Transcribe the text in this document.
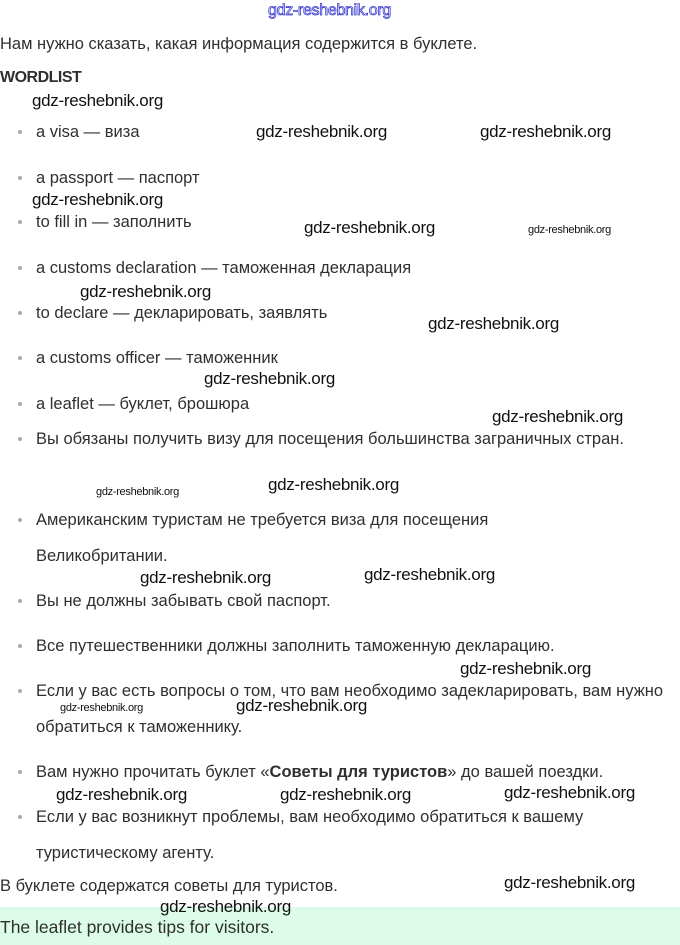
Нам нужно сказать, какая информация содержится в буклете.
WORDLIST
a visa — виза
a passport — паспорт
to fill in — заполнить
a customs declaration — таможенная декларация
to declare — декларировать, заявлять
a customs officer — таможенник
a leaflet — буклет, брошюра
Вы обязаны получить визу для посещения большинства заграничных стран.
Американским туристам не требуется виза для посещения Великобритании.
Вы не должны забывать свой паспорт.
Все путешественники должны заполнить таможенную декларацию.
Если у вас есть вопросы о том, что вам необходимо задекларировать, вам нужно обратиться к таможеннику.
Вам нужно прочитать буклет «Советы для туристов» до вашей поездки.
Если у вас возникнут проблемы, вам необходимо обратиться к вашему туристическому агенту.
В буклете содержатся советы для туристов.
The leaflet provides tips for visitors.
gdz-reshebnik.org
gdz-reshebnik.org
gdz-reshebnik.org	gdz-reshebnik.org
gdz-reshebnik.org
gdz-reshebnik.org	gdz-reshebnik.org
gdz-reshebnik.org
gdz-reshebnik.org
gdz-reshebnik.org
gdz-reshebnik.org
gdz-reshebnik.org	gdz-reshebnik.org
gdz-reshebnik.org	gdz-reshebnik.org
gdz-reshebnik.org
gdz-reshebnik.org	gdz-reshebnik.org
gdz-reshebnik.org	gdz-reshebnik.org	gdz-reshebnik.org
gdz-reshebnik.org
gdz-reshebnik.org
